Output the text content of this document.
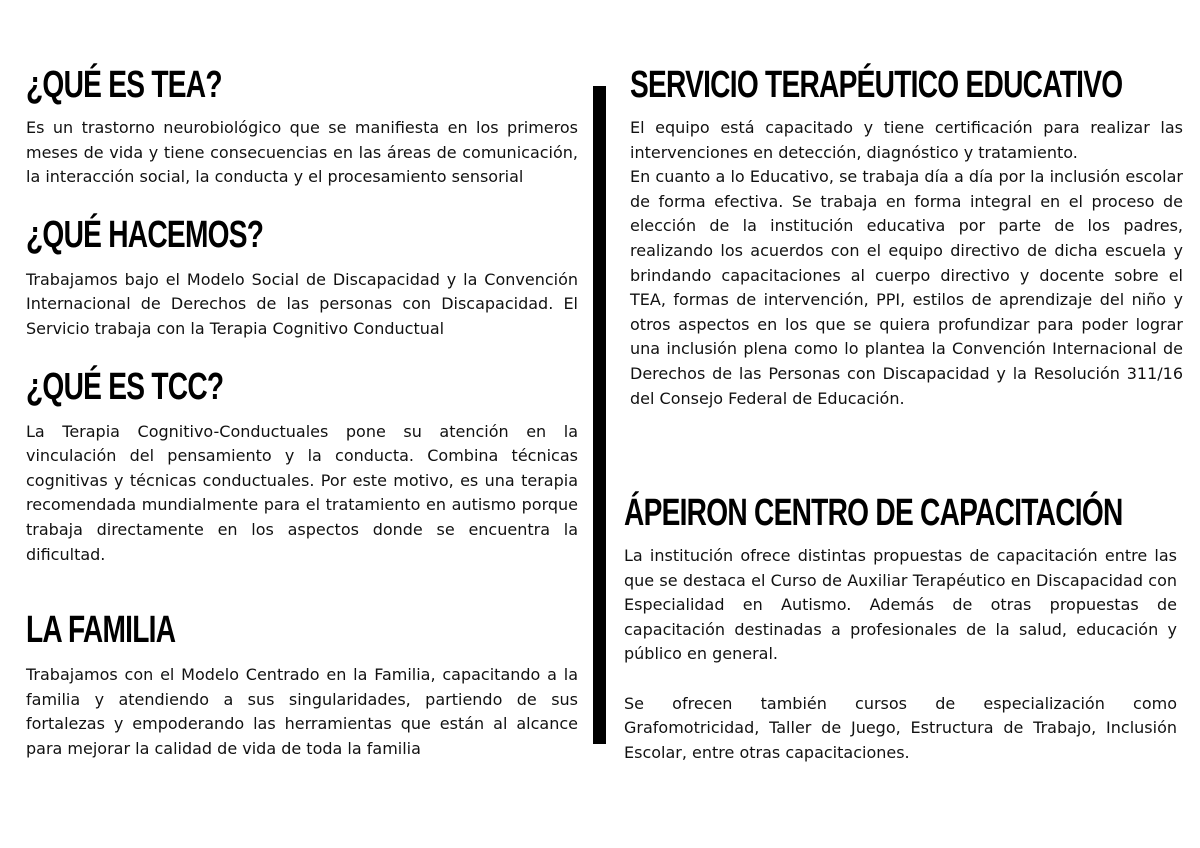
¿QUÉ ES TEA?

Es un trastorno neurobiológico que se manifiesta en los primeros meses de vida y tiene consecuencias en las áreas de comunicación, la interacción social, la conducta y el procesamiento sensorial

¿QUÉ HACEMOS?

Trabajamos bajo el Modelo Social de Discapacidad y la Convención Internacional de Derechos de las personas con Discapacidad. El Servicio trabaja con la Terapia Cognitivo Conductual

¿QUÉ ES TCC?

La Terapia Cognitivo-Conductuales pone su atención en la vinculación del pensamiento y la conducta. Combina técnicas cognitivas y técnicas conductuales. Por este motivo, es una terapia recomendada mundialmente para el tratamiento en autismo porque trabaja directamente en los aspectos donde se encuentra la dificultad.

LA FAMILIA

Trabajamos con el Modelo Centrado en la Familia, capacitando a la familia y atendiendo a sus singularidades, partiendo de sus fortalezas y empoderando las herramientas que están al alcance para mejorar la calidad de vida de toda la familia

SERVICIO TERAPÉUTICO EDUCATIVO

El equipo está capacitado y tiene certificación para realizar las intervenciones en detección, diagnóstico y tratamiento.

En cuanto a lo Educativo, se trabaja día a día por la inclusión escolar de forma efectiva. Se trabaja en forma integral en el proceso de elección de la institución educativa por parte de los padres, realizando los acuerdos con el equipo directivo de dicha escuela y brindando capacitaciones al cuerpo directivo y docente sobre el TEA, formas de intervención, PPI, estilos de aprendizaje del niño y otros aspectos en los que se quiera profundizar para poder lograr una inclusión plena como lo plantea la Convención Internacional de Derechos de las Personas con Discapacidad y la Resolución 311/16 del Consejo Federal de Educación.

ÁPEIRON CENTRO DE CAPACITACIÓN

La institución ofrece distintas propuestas de capacitación entre las que se destaca el Curso de Auxiliar Terapéutico en Discapacidad con Especialidad en Autismo. Además de otras propuestas de capacitación destinadas a profesionales de la salud, educación y público en general.

Se ofrecen también cursos de especialización como Grafomotricidad, Taller de Juego, Estructura de Trabajo, Inclusión Escolar, entre otras capacitaciones.
